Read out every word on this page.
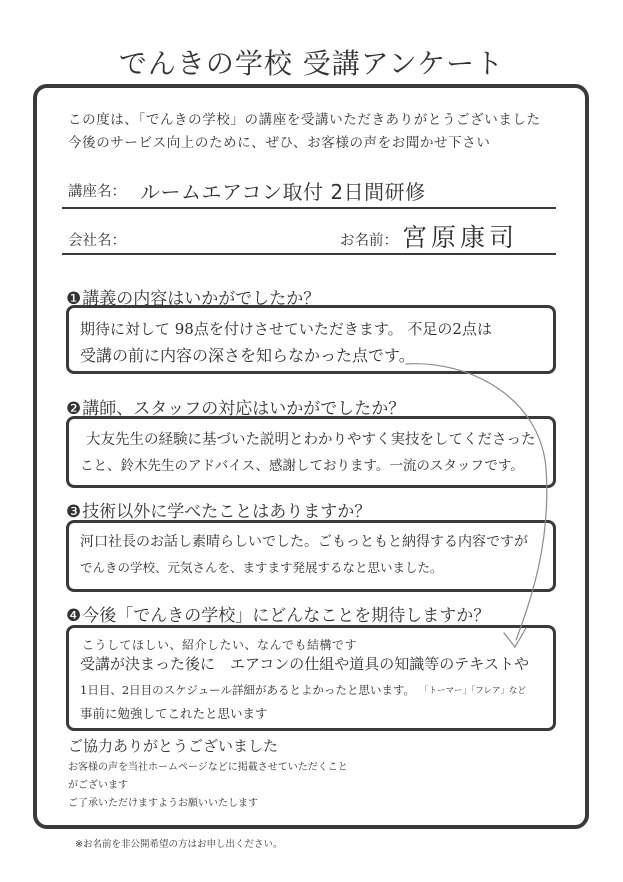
でんきの学校 受講アンケート
この度は、「でんきの学校」の講座を受講いただきありがとうございました
今後のサービス向上のために、ぜひ、お客様の声をお聞かせ下さい
講座名： ルームエアコン取付 2日間研修
会社名：	お名前： 宮原康司
❶講義の内容はいかがでしたか？
期待に対して 98点を付けさせていただきます。 不足の2点は
受講の前に内容の深さを知らなかった点です。
❷講師、スタッフの対応はいかがでしたか？
大友先生の経験に基づいた説明とわかりやすく実技をしてくださった
こと、鈴木先生のアドバイス、感謝しております。一流のスタッフです。
❸技術以外に学べたことはありますか？
河口社長のお話し素晴らしいでした。ごもっともと納得する内容ですが
でんきの学校、元気さんを、ますます発展するなと思いました。
❹今後「でんきの学校」にどんなことを期待しますか？
こうしてほしい、紹介したい、なんでも結構です
受講が決まった後に　エアコンの仕組や道具の知識等のテキストや
1日目、2日目のスケジュール詳細があるとよかったと思います。 「トーマー」「フレア」など
事前に勉強してこれたと思います
ご協力ありがとうございました
お客様の声を当社ホームページなどに掲載させていただくこと
がございます
ご了承いただけますようお願いいたします
※お名前を非公開希望の方はお申し出ください。
